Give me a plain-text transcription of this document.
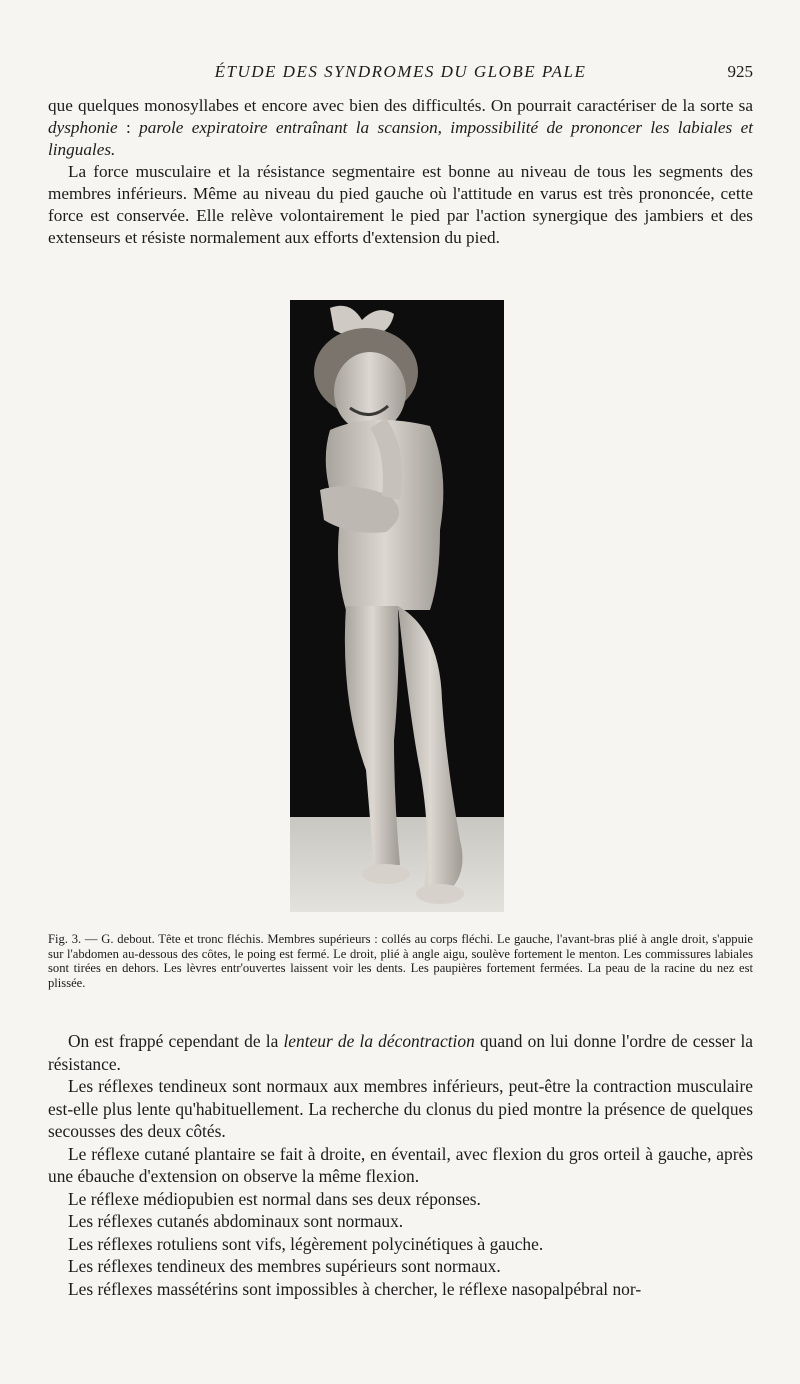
ÉTUDE DES SYNDROMES DU GLOBE PALE	925

que quelques monosyllabes et encore avec bien des difficultés. On pourrait caractériser de la sorte sa dysphonie : parole expiratoire entraînant la scansion, impossibilité de prononcer les labiales et linguales.

La force musculaire et la résistance segmentaire est bonne au niveau de tous les segments des membres inférieurs. Même au niveau du pied gauche où l'attitude en varus est très prononcée, cette force est conservée. Elle relève volontairement le pied par l'action synergique des jambiers et des extenseurs et résiste normalement aux efforts d'extension du pied.

Fig. 3. — G. debout. Tête et tronc fléchis. Membres supérieurs : collés au corps fléchi. Le gauche, l'avant-bras plié à angle droit, s'appuie sur l'abdomen au-dessous des côtes, le poing est fermé. Le droit, plié à angle aigu, soulève fortement le menton. Les commissures labiales sont tirées en dehors. Les lèvres entr'ouvertes laissent voir les dents. Les paupières fortement fermées. La peau de la racine du nez est plissée.

On est frappé cependant de la lenteur de la décontraction quand on lui donne l'ordre de cesser la résistance.

Les réflexes tendineux sont normaux aux membres inférieurs, peut-être la contraction musculaire est-elle plus lente qu'habituellement. La recherche du clonus du pied montre la présence de quelques secousses des deux côtés.

Le réflexe cutané plantaire se fait à droite, en éventail, avec flexion du gros orteil à gauche, après une ébauche d'extension on observe la même flexion.

Le réflexe médiopubien est normal dans ses deux réponses.

Les réflexes cutanés abdominaux sont normaux.

Les réflexes rotuliens sont vifs, légèrement polycinétiques à gauche.

Les réflexes tendineux des membres supérieurs sont normaux.

Les réflexes massétérins sont impossibles à chercher, le réflexe nasopalpébral nor-
